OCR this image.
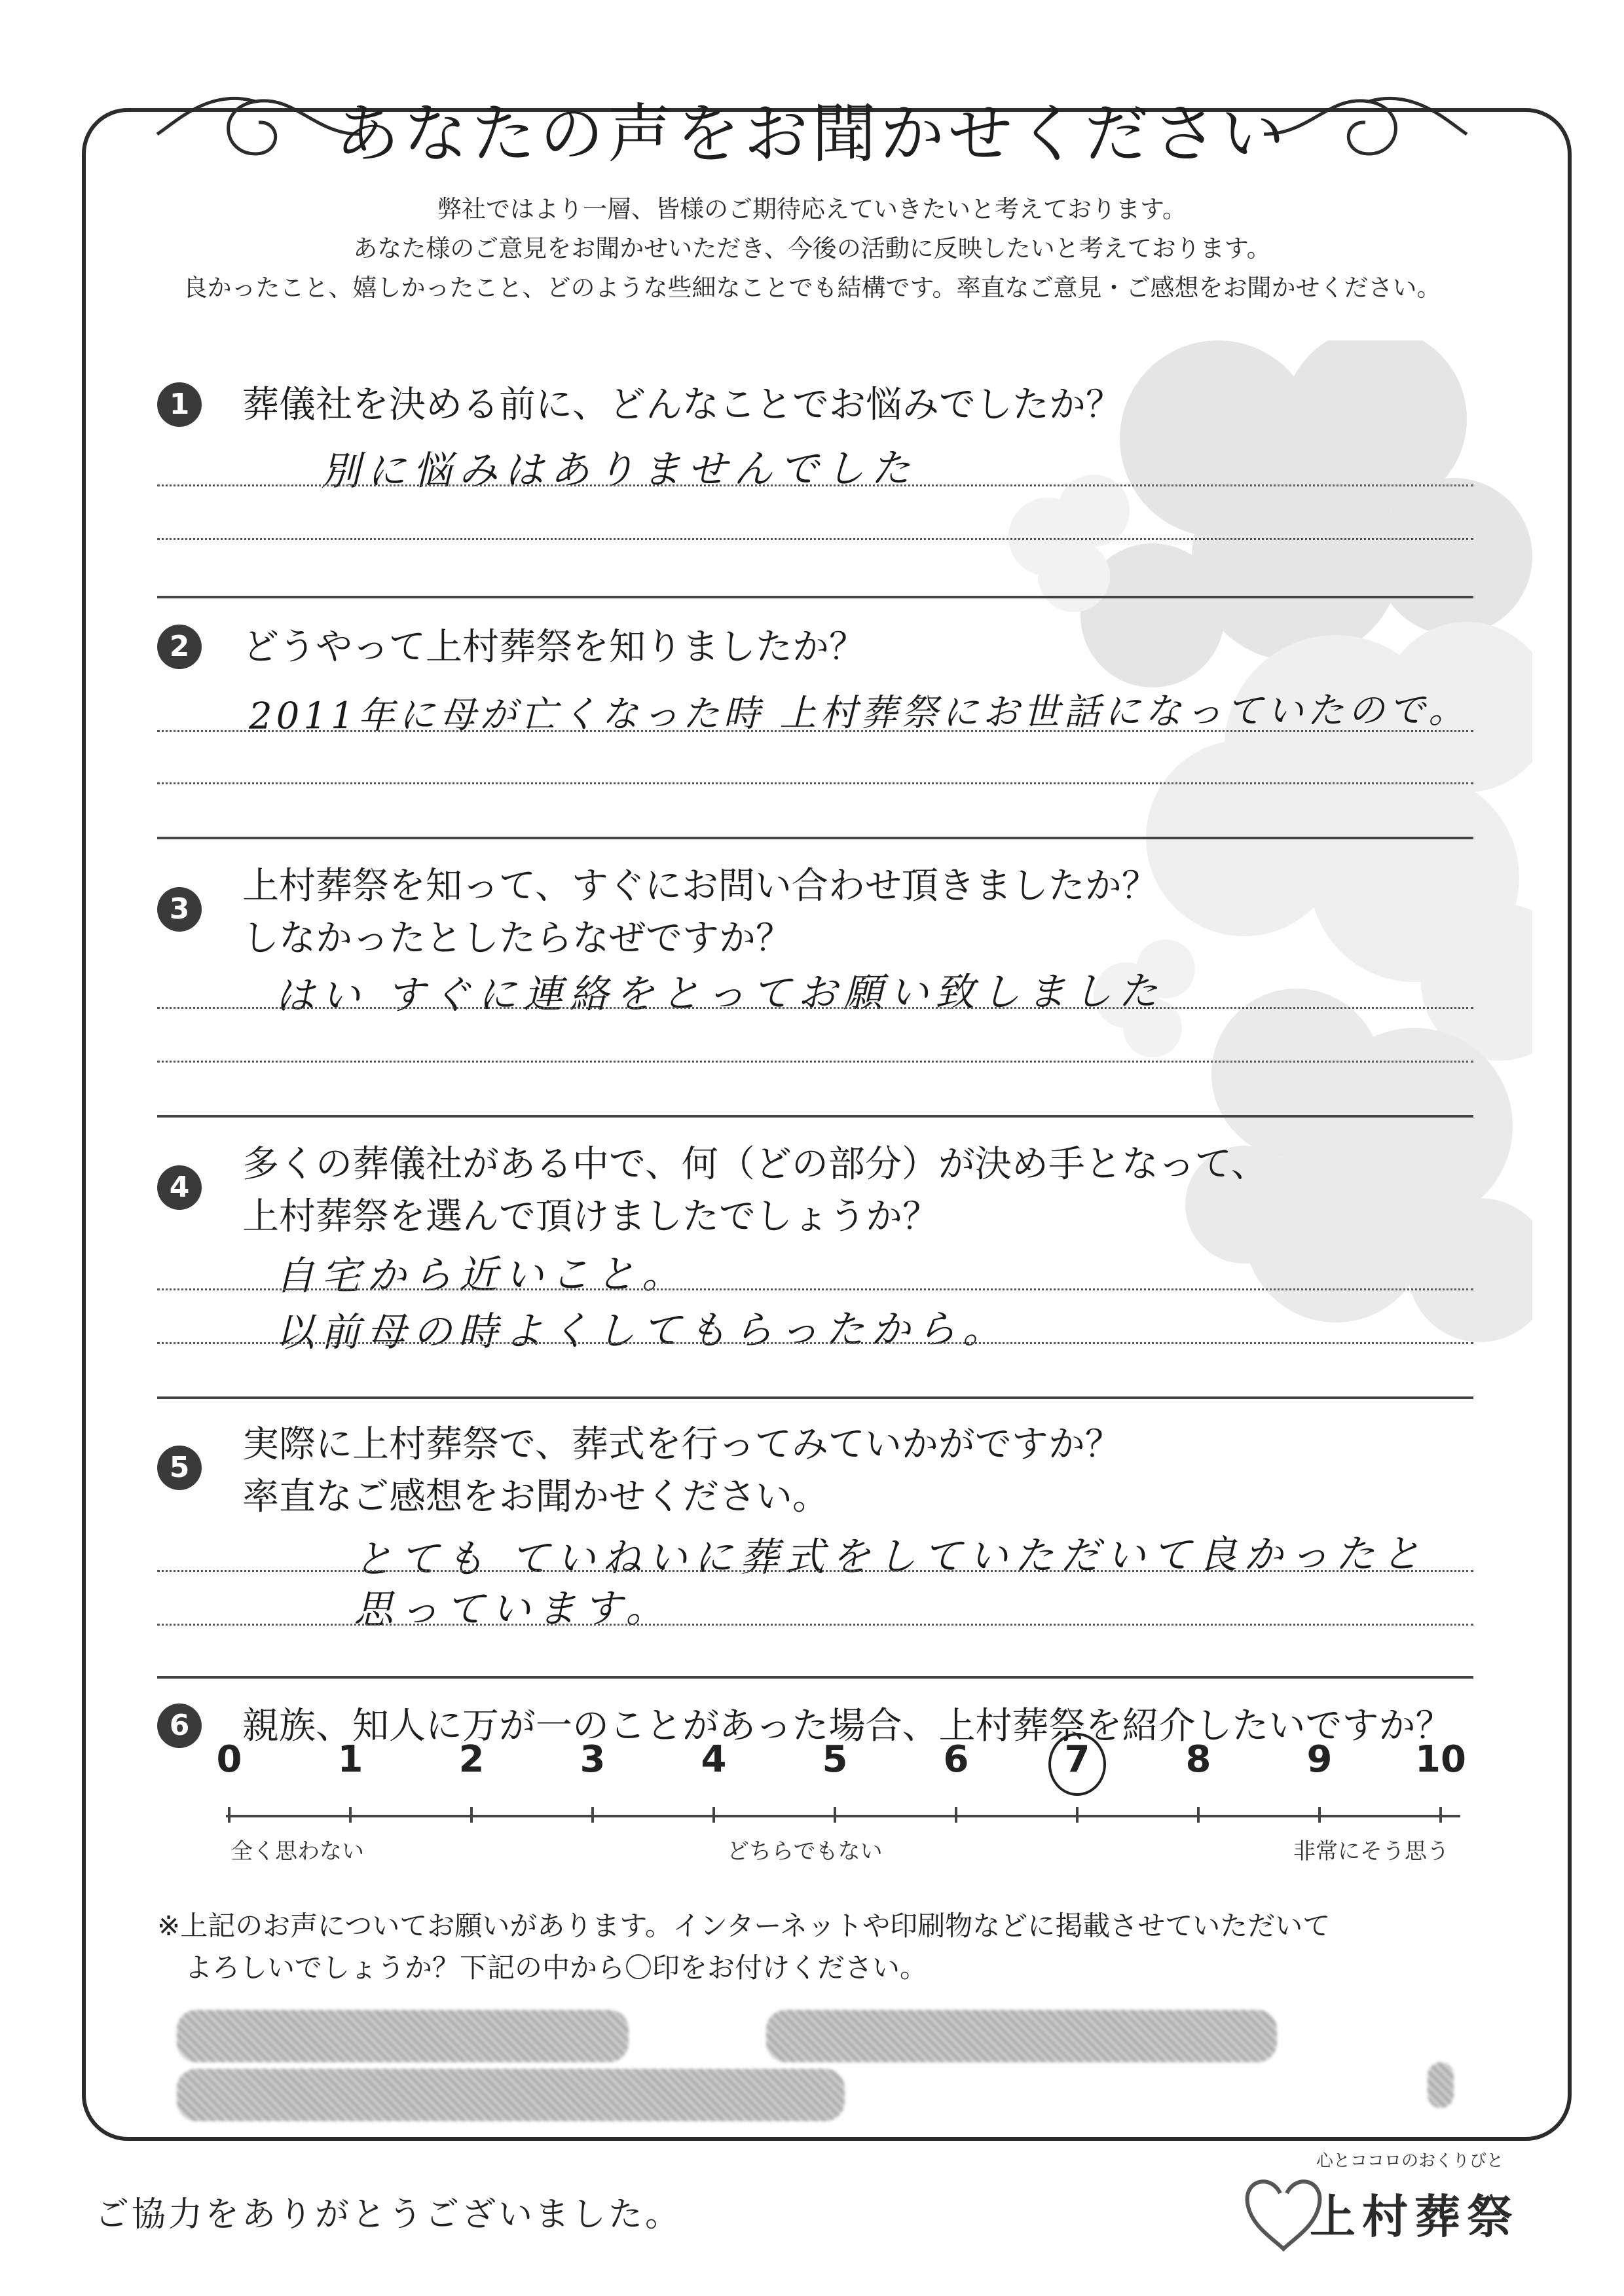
あなたの声をお聞かせください
弊社ではより一層、皆様のご期待応えていきたいと考えております。
あなた様のご意見をお聞かせいただき、今後の活動に反映したいと考えております。
良かったこと、嬉しかったこと、どのような些細なことでも結構です。率直なご意見・ご感想をお聞かせください。
1	葬儀社を決める前に、どんなことでお悩みでしたか？
別に悩みはありませんでした
2	どうやって上村葬祭を知りましたか？
2011年に母が亡くなった時 上村葬祭にお世話になっていたので。
3
上村葬祭を知って、すぐにお問い合わせ頂きましたか？
しなかったとしたらなぜですか？
はい すぐに連絡をとってお願い致しました
4
多くの葬儀社がある中で、何（どの部分）が決め手となって、
上村葬祭を選んで頂けましたでしょうか？
自宅から近いこと。
以前母の時よくしてもらったから。
5
実際に上村葬祭で、葬式を行ってみていかがですか？
率直なご感想をお聞かせください。
とても ていねいに葬式をしていただいて良かったと
思っています。
6	親族、知人に万が一のことがあった場合、上村葬祭を紹介したいですか？
0	1	2	3	4	5	6	7	8	9	10
全く思わない	どちらでもない	非常にそう思う
※上記のお声についてお願いがあります。インターネットや印刷物などに掲載させていただいて
よろしいでしょうか？下記の中から〇印をお付けください。
ご協力をありがとうございました。
心とココロのおくりびと
上村葬祭
